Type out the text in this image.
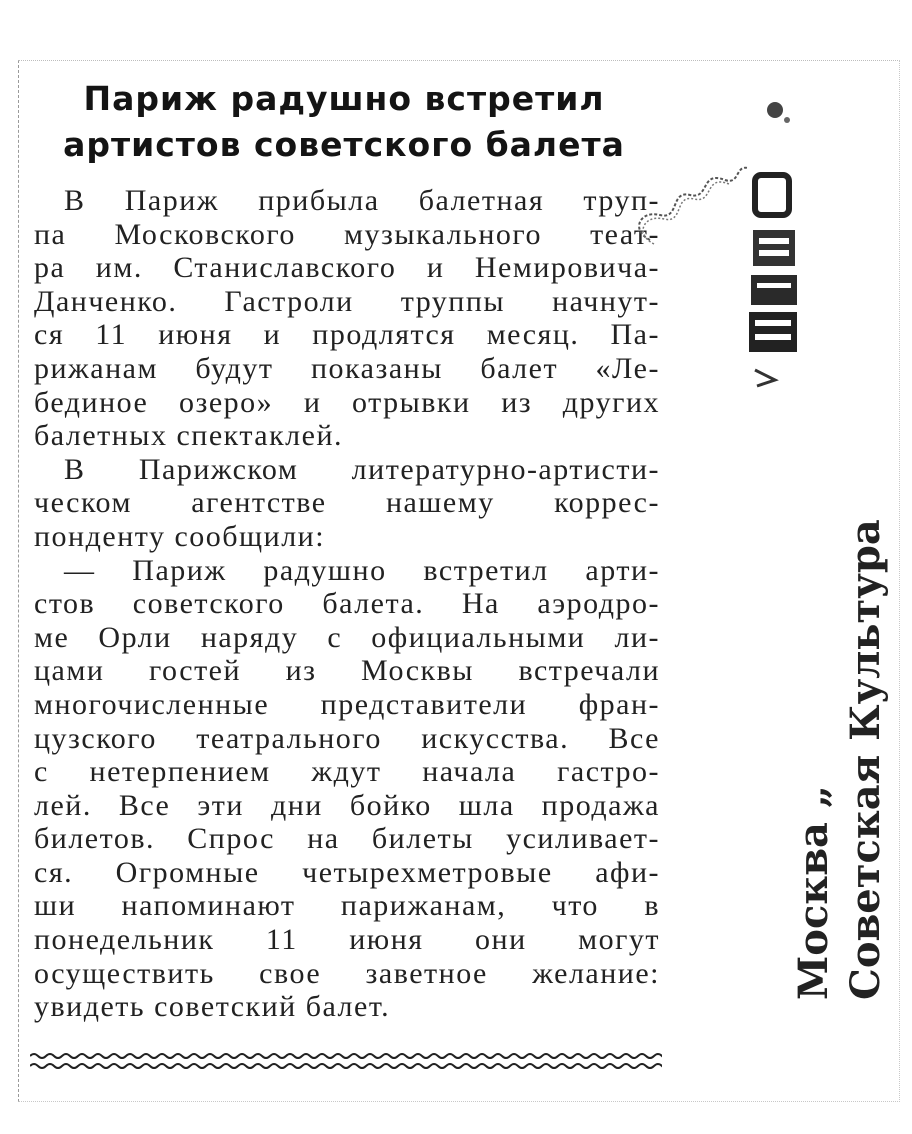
Париж радушно встретил
артистов советского балета
В Париж прибыла балетная труп-
па Московского музыкального теат-
ра им. Станиславского и Немировича-
Данченко. Гастроли труппы начнут-
ся 11 июня и продлятся месяц. Па-
рижанам будут показаны балет «Ле-
бединое озеро» и отрывки из других
балетных спектаклей.
В Парижском литературно-артисти-
ческом агентстве нашему коррес-
понденту сообщили:
— Париж радушно встретил арти-
стов советского балета. На аэродро-
ме Орли наряду с официальными ли-
цами гостей из Москвы встречали
многочисленные представители фран-
цузского театрального искусства. Все
с нетерпением ждут начала гастро-
лей. Все эти дни бойко шла продажа
билетов. Спрос на билеты усиливает-
ся. Огромные четырехметровые афи-
ши напоминают парижанам, что в
понедельник 11 июня они могут
осуществить свое заветное желание:
увидеть советский балет.
Москва „ Советская Культура
